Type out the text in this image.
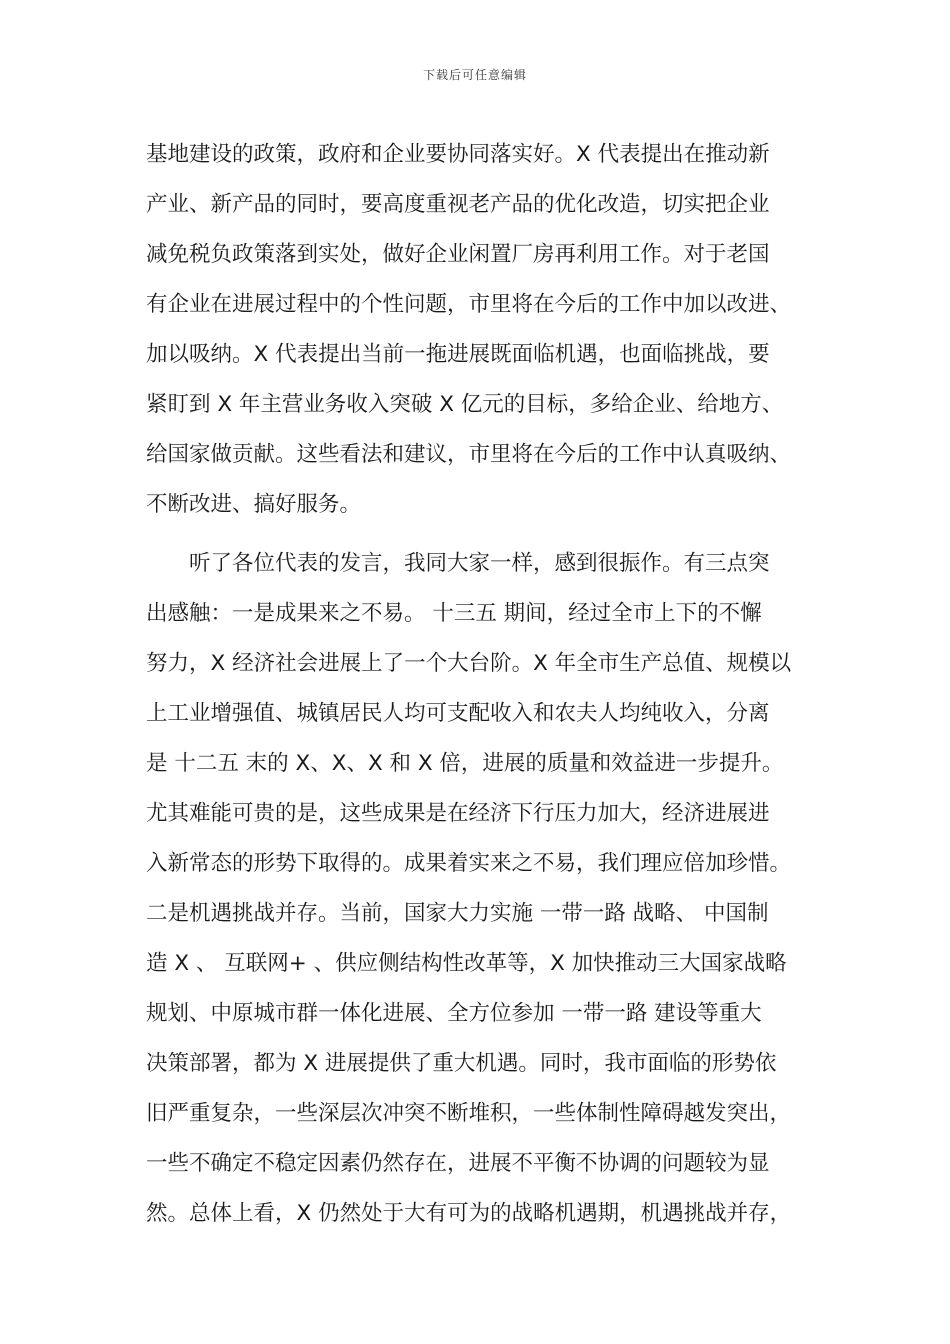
下载后可任意编辑
基地建设的政策，政府和企业要协同落实好。X 代表提出在推动新
产业、新产品的同时，要高度重视老产品的优化改造，切实把企业
减免税负政策落到实处，做好企业闲置厂房再利用工作。对于老国
有企业在进展过程中的个性问题，市里将在今后的工作中加以改进、
加以吸纳。X 代表提出当前一拖进展既面临机遇，也面临挑战，要
紧盯到 X 年主营业务收入突破 X 亿元的目标，多给企业、给地方、
给国家做贡献。这些看法和建议，市里将在今后的工作中认真吸纳、
不断改进、搞好服务。
听了各位代表的发言，我同大家一样，感到很振作。有三点突
出感触：一是成果来之不易。 十三五 期间，经过全市上下的不懈
努力，X 经济社会进展上了一个大台阶。X 年全市生产总值、规模以
上工业增强值、城镇居民人均可支配收入和农夫人均纯收入，分离
是 十二五 末的 X、X、X 和 X 倍，进展的质量和效益进一步提升。
尤其难能可贵的是，这些成果是在经济下行压力加大，经济进展进
入新常态的形势下取得的。成果着实来之不易，我们理应倍加珍惜。
二是机遇挑战并存。当前，国家大力实施 一带一路 战略、 中国制
造 X 、 互联网+ 、供应侧结构性改革等，X 加快推动三大国家战略
规划、中原城市群一体化进展、全方位参加 一带一路 建设等重大
决策部署，都为 X 进展提供了重大机遇。同时，我市面临的形势依
旧严重复杂，一些深层次冲突不断堆积，一些体制性障碍越发突出，
一些不确定不稳定因素仍然存在，进展不平衡不协调的问题较为显
然。总体上看，X 仍然处于大有可为的战略机遇期，机遇挑战并存，
